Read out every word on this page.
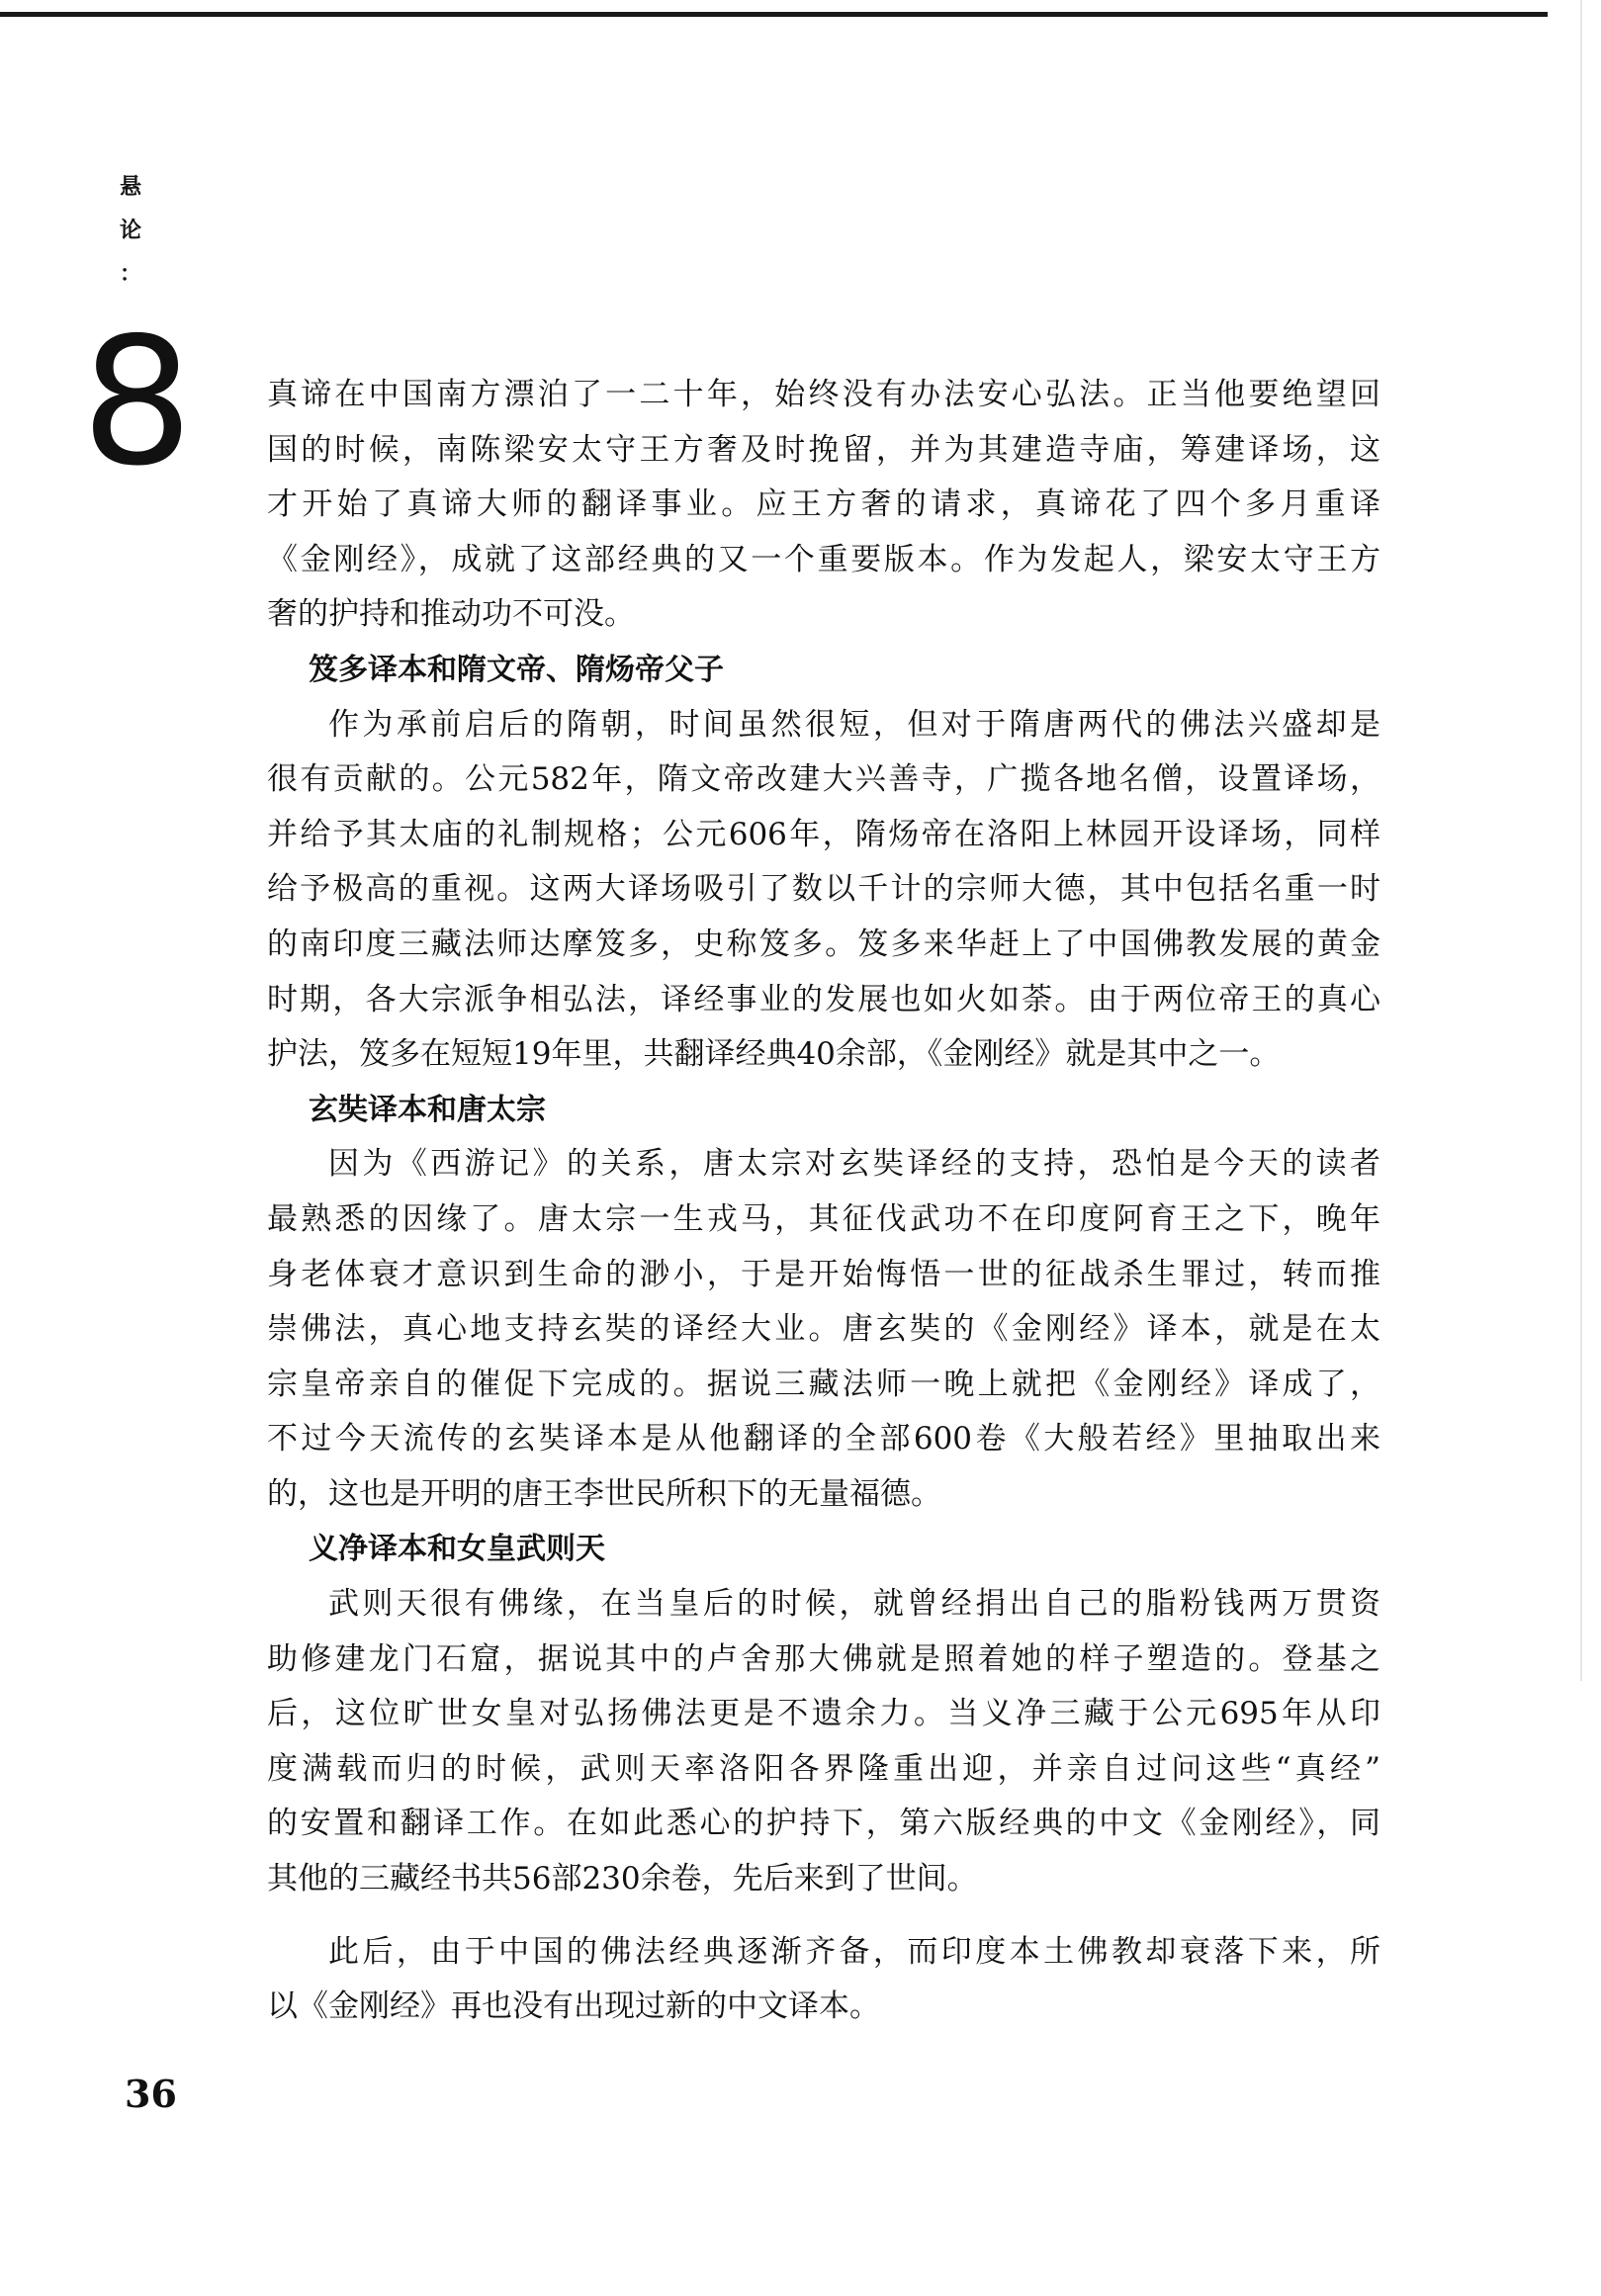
悬
论
：
8 真谛在中国南方漂泊了一二十年，始终没有办法安心弘法。正当他要绝望回
国的时候，南陈梁安太守王方奢及时挽留，并为其建造寺庙，筹建译场，这
才开始了真谛大师的翻译事业。应王方奢的请求，真谛花了四个多月重译
《金刚经》，成就了这部经典的又一个重要版本。作为发起人，梁安太守王方
奢的护持和推动功不可没。
笈多译本和隋文帝、隋炀帝父子
作为承前启后的隋朝，时间虽然很短，但对于隋唐两代的佛法兴盛却是
很有贡献的。公元582年，隋文帝改建大兴善寺，广揽各地名僧，设置译场，
并给予其太庙的礼制规格；公元606年，隋炀帝在洛阳上林园开设译场，同样
给予极高的重视。这两大译场吸引了数以千计的宗师大德，其中包括名重一时
的南印度三藏法师达摩笈多，史称笈多。笈多来华赶上了中国佛教发展的黄金
时期，各大宗派争相弘法，译经事业的发展也如火如荼。由于两位帝王的真心
护法，笈多在短短19年里，共翻译经典40余部，《金刚经》就是其中之一。
玄奘译本和唐太宗
因为《西游记》的关系，唐太宗对玄奘译经的支持，恐怕是今天的读者
最熟悉的因缘了。唐太宗一生戎马，其征伐武功不在印度阿育王之下，晚年
身老体衰才意识到生命的渺小，于是开始悔悟一世的征战杀生罪过，转而推
崇佛法，真心地支持玄奘的译经大业。唐玄奘的《金刚经》译本，就是在太
宗皇帝亲自的催促下完成的。据说三藏法师一晚上就把《金刚经》译成了，
不过今天流传的玄奘译本是从他翻译的全部600卷《大般若经》里抽取出来
的，这也是开明的唐王李世民所积下的无量福德。
义净译本和女皇武则天
武则天很有佛缘，在当皇后的时候，就曾经捐出自己的脂粉钱两万贯资
助修建龙门石窟，据说其中的卢舍那大佛就是照着她的样子塑造的。登基之
后，这位旷世女皇对弘扬佛法更是不遗余力。当义净三藏于公元695年从印
度满载而归的时候，武则天率洛阳各界隆重出迎，并亲自过问这些“真经”
的安置和翻译工作。在如此悉心的护持下，第六版经典的中文《金刚经》，同
其他的三藏经书共56部230余卷，先后来到了世间。
此后，由于中国的佛法经典逐渐齐备，而印度本土佛教却衰落下来，所
以《金刚经》再也没有出现过新的中文译本。
36
